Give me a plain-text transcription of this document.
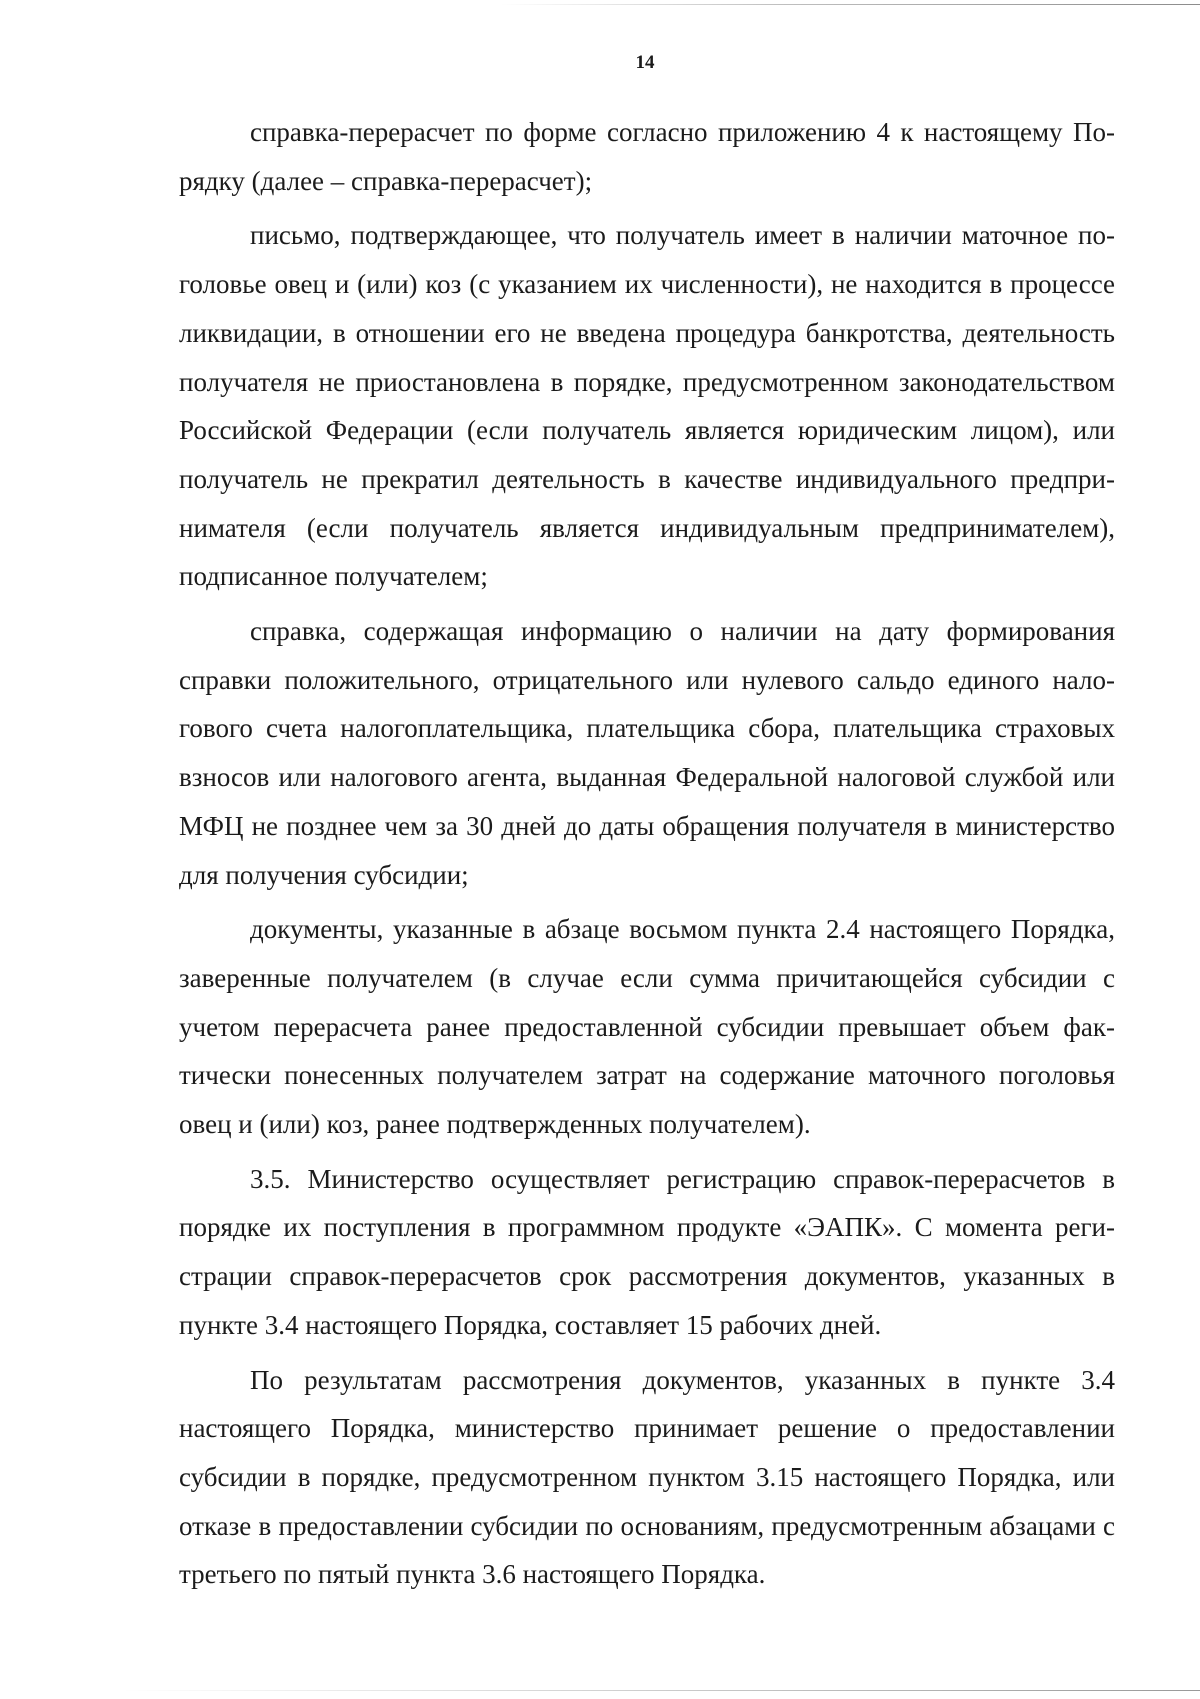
14

справка-перерасчет по форме согласно приложению 4 к настоящему Порядку (далее – справка-перерасчет);

письмо, подтверждающее, что получатель имеет в наличии маточное поголовье овец и (или) коз (с указанием их численности), не находится в процессе ликвидации, в отношении его не введена процедура банкротства, деятельность получателя не приостановлена в порядке, предусмотренном законодательством Российской Федерации (если получатель является юридическим лицом), или получатель не прекратил деятельность в качестве индивидуального предпринимателя (если получатель является индивидуальным предпринимателем), подписанное получателем;

справка, содержащая информацию о наличии на дату формирования справки положительного, отрицательного или нулевого сальдо единого налогового счета налогоплательщика, плательщика сбора, плательщика страховых взносов или налогового агента, выданная Федеральной налоговой службой или МФЦ не позднее чем за 30 дней до даты обращения получателя в министерство для получения субсидии;

документы, указанные в абзаце восьмом пункта 2.4 настоящего Порядка, заверенные получателем (в случае если сумма причитающейся субсидии с учетом перерасчета ранее предоставленной субсидии превышает объем фактически понесенных получателем затрат на содержание маточного поголовья овец и (или) коз, ранее подтвержденных получателем).

3.5. Министерство осуществляет регистрацию справок-перерасчетов в порядке их поступления в программном продукте «ЭАПК». С момента регистрации справок-перерасчетов срок рассмотрения документов, указанных в пункте 3.4 настоящего Порядка, составляет 15 рабочих дней.

По результатам рассмотрения документов, указанных в пункте 3.4 настоящего Порядка, министерство принимает решение о предоставлении субсидии в порядке, предусмотренном пунктом 3.15 настоящего Порядка, или отказе в предоставлении субсидии по основаниям, предусмотренным абзацами с третьего по пятый пункта 3.6 настоящего Порядка.
